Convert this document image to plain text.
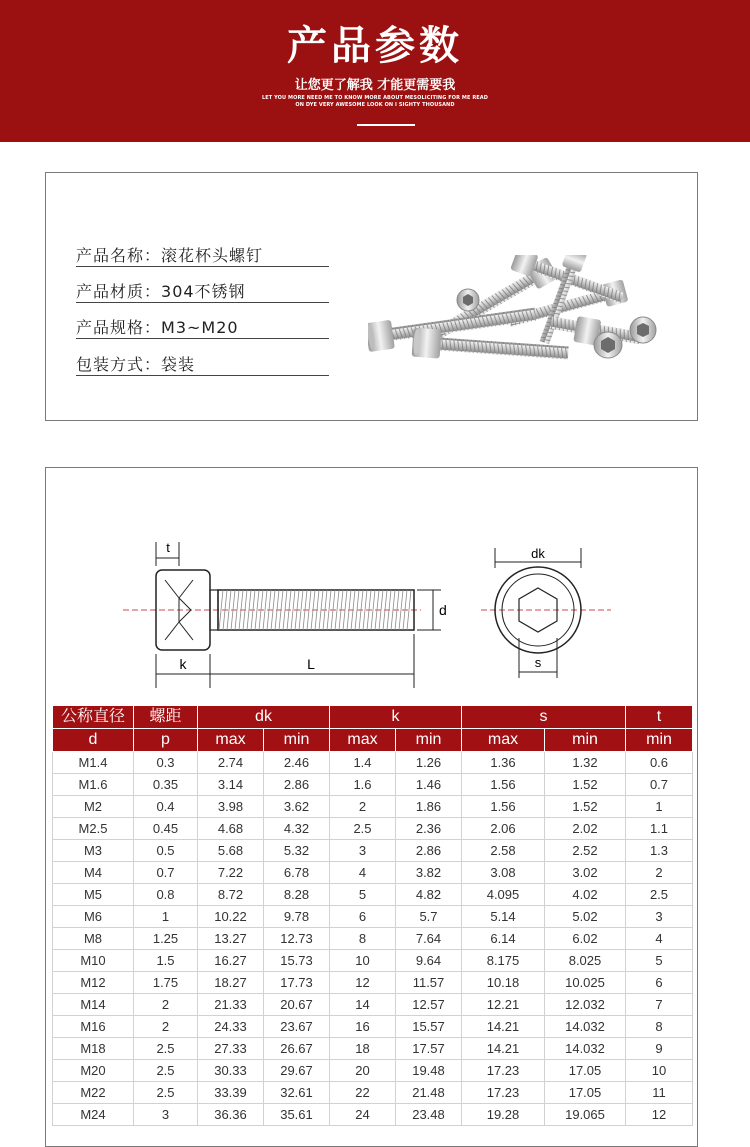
产品参数
让您更了解我 才能更需要我
LET YOU MORE NEED ME TO KNOW MORE ABOUT MESOLICITING FOR ME READ
ON DYE VERY AWESOME LOOK ON I SIGHTY THOUSAND
产品名称：滚花杯头螺钉
产品材质：304不锈钢
产品规格：M3~M20
包装方式：袋装
t
k	L
d
dk
s
公称直径	螺距	dk		k		s		t
d	p	max	min	max	min	max	min	min
M1.4	0.3	2.74	2.46	1.4	1.26	1.36	1.32	0.6
M1.6	0.35	3.14	2.86	1.6	1.46	1.56	1.52	0.7
M2	0.4	3.98	3.62	2	1.86	1.56	1.52	1
M2.5	0.45	4.68	4.32	2.5	2.36	2.06	2.02	1.1
M3	0.5	5.68	5.32	3	2.86	2.58	2.52	1.3
M4	0.7	7.22	6.78	4	3.82	3.08	3.02	2
M5	0.8	8.72	8.28	5	4.82	4.095	4.02	2.5
M6	1	10.22	9.78	6	5.7	5.14	5.02	3
M8	1.25	13.27	12.73	8	7.64	6.14	6.02	4
M10	1.5	16.27	15.73	10	9.64	8.175	8.025	5
M12	1.75	18.27	17.73	12	11.57	10.18	10.025	6
M14	2	21.33	20.67	14	12.57	12.21	12.032	7
M16	2	24.33	23.67	16	15.57	14.21	14.032	8
M18	2.5	27.33	26.67	18	17.57	14.21	14.032	9
M20	2.5	30.33	29.67	20	19.48	17.23	17.05	10
M22	2.5	33.39	32.61	22	21.48	17.23	17.05	11
M24	3	36.36	35.61	24	23.48	19.28	19.065	12
